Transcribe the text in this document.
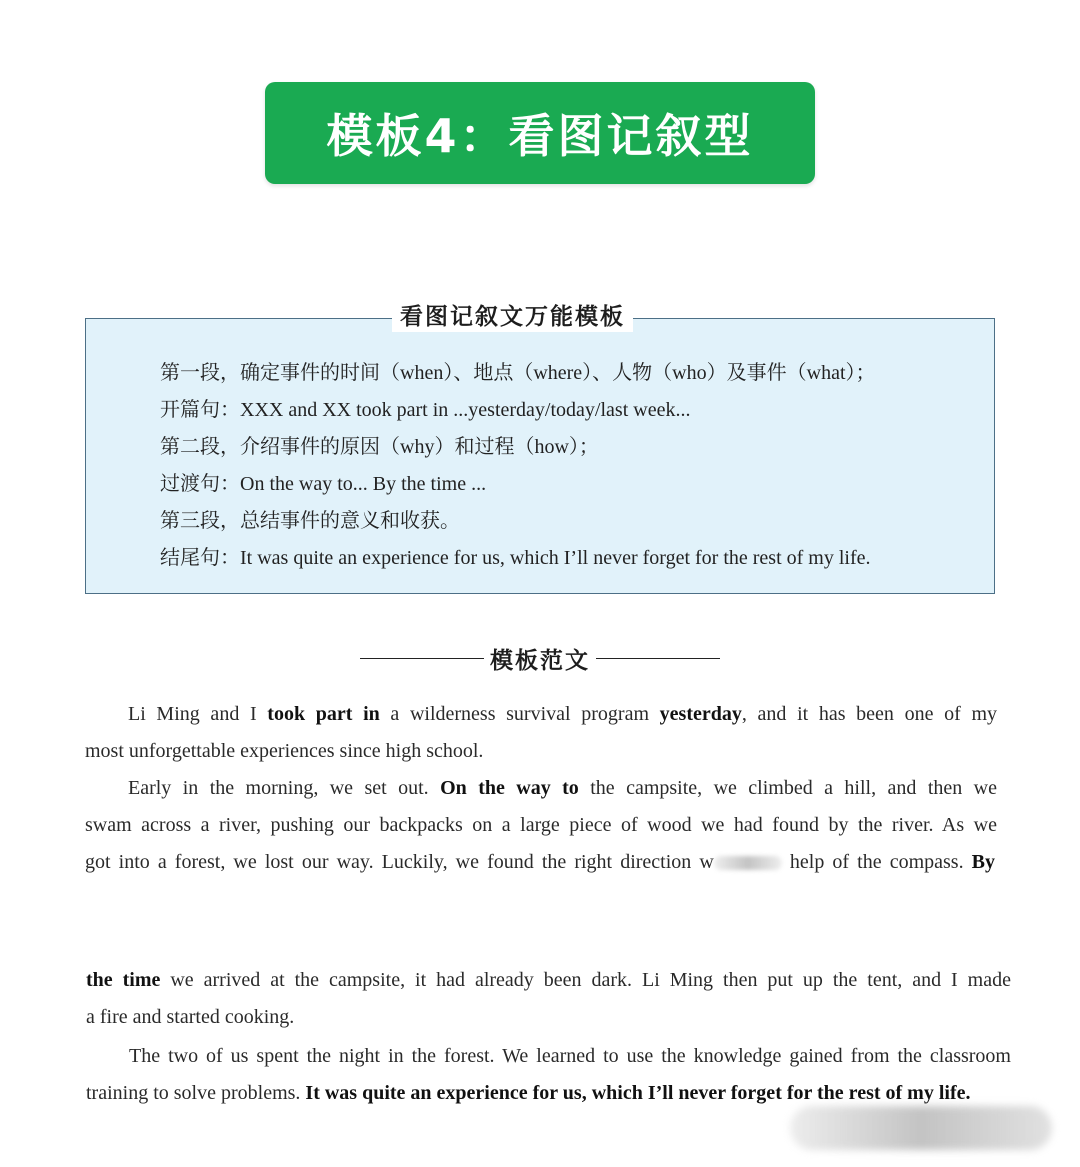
模板4：看图记叙型
看图记叙文万能模板
第一段，确定事件的时间（when）、地点（where）、人物（who）及事件（what）；
开篇句：XXX and XX took part in ...yesterday/today/last week...
第二段，介绍事件的原因（why）和过程（how）；
过渡句：On the way to... By the time ...
第三段，总结事件的意义和收获。
结尾句：It was quite an experience for us, which I’ll never forget for the rest of my life.
模板范文
Li Ming and I took part in a wilderness survival program yesterday, and it has been one of my
most unforgettable experiences since high school.
Early in the morning, we set out. On the way to the campsite, we climbed a hill, and then we
swam across a river, pushing our backpacks on a large piece of wood we had found by the river. As we
got into a forest, we lost our way. Luckily, we found the right direction w	help of the compass. By
the time we arrived at the campsite, it had already been dark. Li Ming then put up the tent, and I made
a fire and started cooking.
The two of us spent the night in the forest. We learned to use the knowledge gained from the classroom
training to solve problems. It was quite an experience for us, which I’ll never forget for the rest of my life.
